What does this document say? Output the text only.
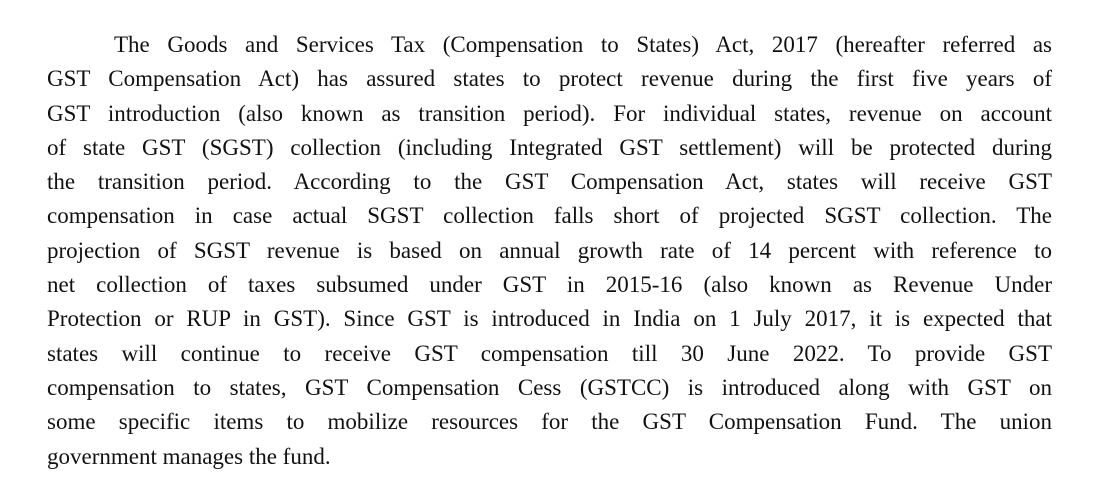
The Goods and Services Tax (Compensation to States) Act, 2017 (hereafter referred as
GST Compensation Act) has assured states to protect revenue during the first five years of
GST introduction (also known as transition period). For individual states, revenue on account
of state GST (SGST) collection (including Integrated GST settlement) will be protected during
the transition period. According to the GST Compensation Act, states will receive GST
compensation in case actual SGST collection falls short of projected SGST collection. The
projection of SGST revenue is based on annual growth rate of 14 percent with reference to
net collection of taxes subsumed under GST in 2015-16 (also known as Revenue Under
Protection or RUP in GST). Since GST is introduced in India on 1 July 2017, it is expected that
states will continue to receive GST compensation till 30 June 2022. To provide GST
compensation to states, GST Compensation Cess (GSTCC) is introduced along with GST on
some specific items to mobilize resources for the GST Compensation Fund. The union
government manages the fund.
